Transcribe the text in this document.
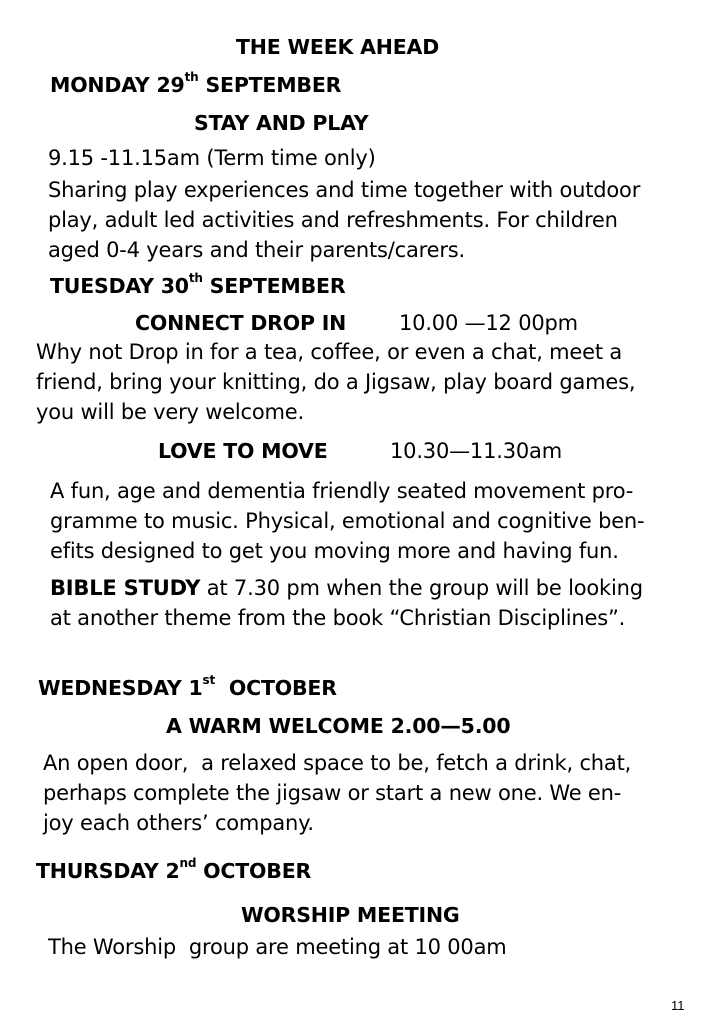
THE WEEK AHEAD

MONDAY 29th SEPTEMBER

STAY AND PLAY

9.15 -11.15am (Term time only)

Sharing play experiences and time together with outdoor
play, adult led activities and refreshments. For children
aged 0-4 years and their parents/carers.

TUESDAY 30th SEPTEMBER

CONNECT DROP IN	10.00 —12 00pm

Why not Drop in for a tea, coffee, or even a chat, meet a
friend, bring your knitting, do a Jigsaw, play board games,
you will be very welcome.

LOVE TO MOVE	10.30—11.30am

A fun, age and dementia friendly seated movement pro-
gramme to music. Physical, emotional and cognitive ben-
efits designed to get you moving more and having fun.
BIBLE STUDY at 7.30 pm when the group will be looking
at another theme from the book “Christian Disciplines”.

WEDNESDAY 1st  OCTOBER

A WARM WELCOME 2.00—5.00

An open door,  a relaxed space to be, fetch a drink, chat,
perhaps complete the jigsaw or start a new one. We en-
joy each others’ company.

THURSDAY 2nd OCTOBER

WORSHIP MEETING

The Worship  group are meeting at 10 00am

11
